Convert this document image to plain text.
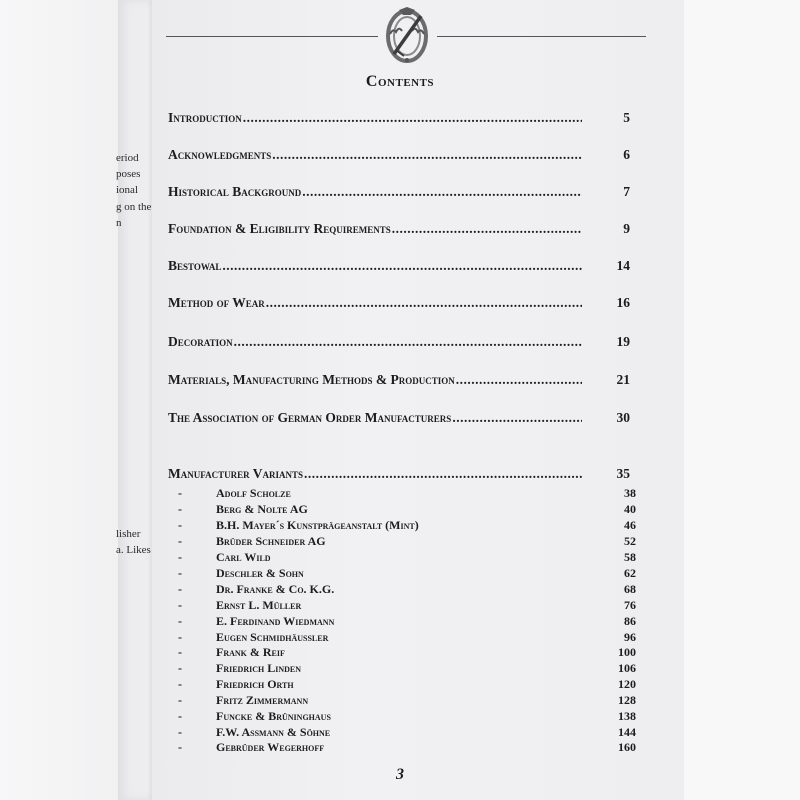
eriod
poses
ional
g on the
n
lisher
a. Likes
Contents
Introduction .....	5
Acknowledgments .....	6
Historical Background .....	7
Foundation & Eligibility Requirements .....	9
Bestowal .....	14
Method of Wear .....	16
Decoration .....	19
Materials, Manufacturing Methods & Production .....	21
The Association of German Order Manufacturers .....	30
Manufacturer Variants .....	35
-	Adolf Scholze	38
-	Berg & Nolte AG	40
-	B.H. Mayer´s Kunstprägeanstalt (Mint)	46
-	Brüder Schneider AG	52
-	Carl Wild	58
-	Deschler & Sohn	62
-	Dr. Franke & Co. K.G.	68
-	Ernst L. Müller	76
-	E. Ferdinand Wiedmann	86
-	Eugen Schmidhäussler	96
-	Frank & Reif	100
-	Friedrich Linden	106
-	Friedrich Orth	120
-	Fritz Zimmermann	128
-	Funcke & Brüninghaus	138
-	F.W. Assmann & Söhne	144
-	Gebrüder Wegerhoff	160
3
